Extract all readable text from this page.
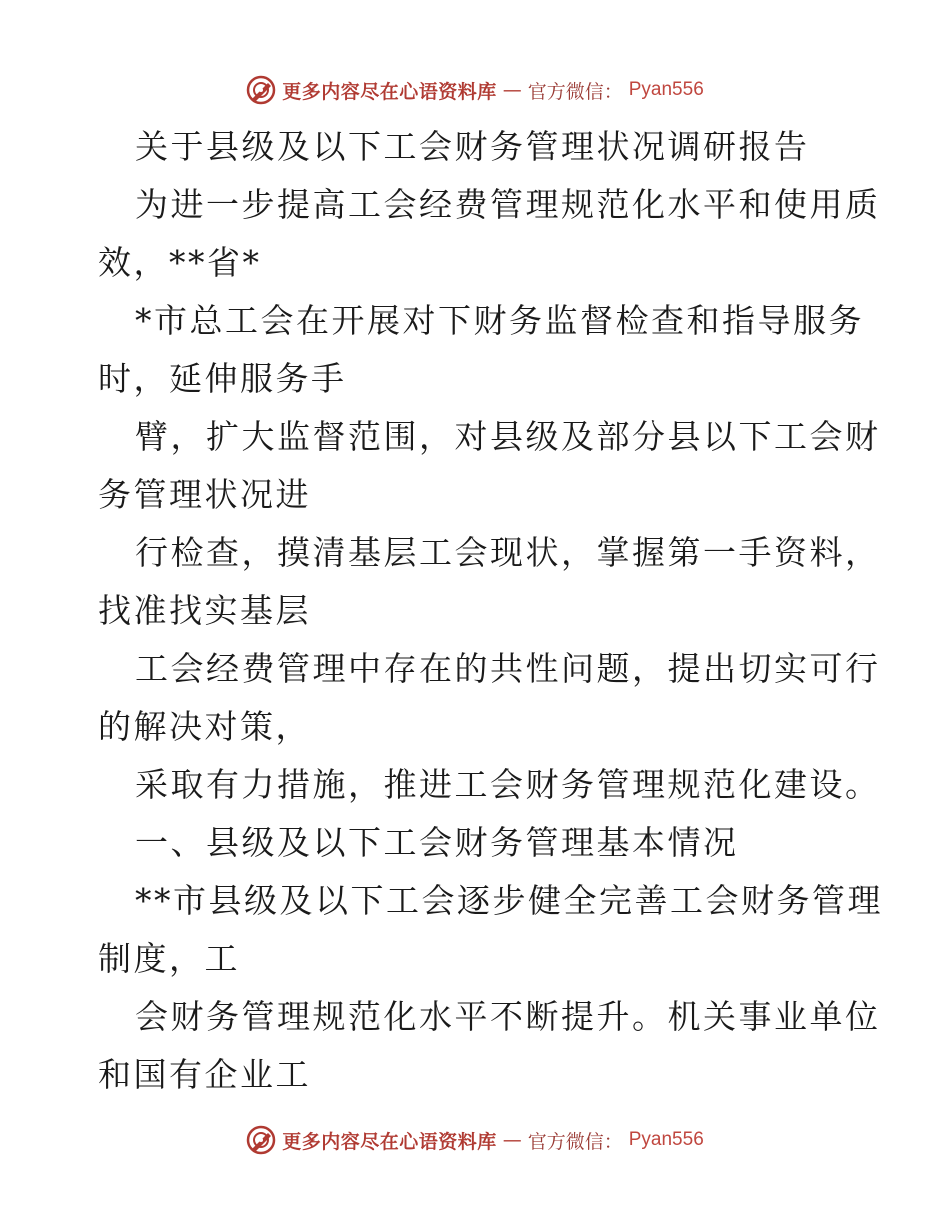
更多内容尽在心语资料库 — 官方微信： Pyan556
关于县级及以下工会财务管理状况调研报告
为进一步提高工会经费管理规范化水平和使用质
效，**省*
*市总工会在开展对下财务监督检查和指导服务
时，延伸服务手
臂，扩大监督范围，对县级及部分县以下工会财
务管理状况进
行检查，摸清基层工会现状，掌握第一手资料，
找准找实基层
工会经费管理中存在的共性问题，提出切实可行
的解决对策，
采取有力措施，推进工会财务管理规范化建设。
一、县级及以下工会财务管理基本情况
**市县级及以下工会逐步健全完善工会财务管理
制度，工
会财务管理规范化水平不断提升。机关事业单位
和国有企业工
更多内容尽在心语资料库 — 官方微信： Pyan556
